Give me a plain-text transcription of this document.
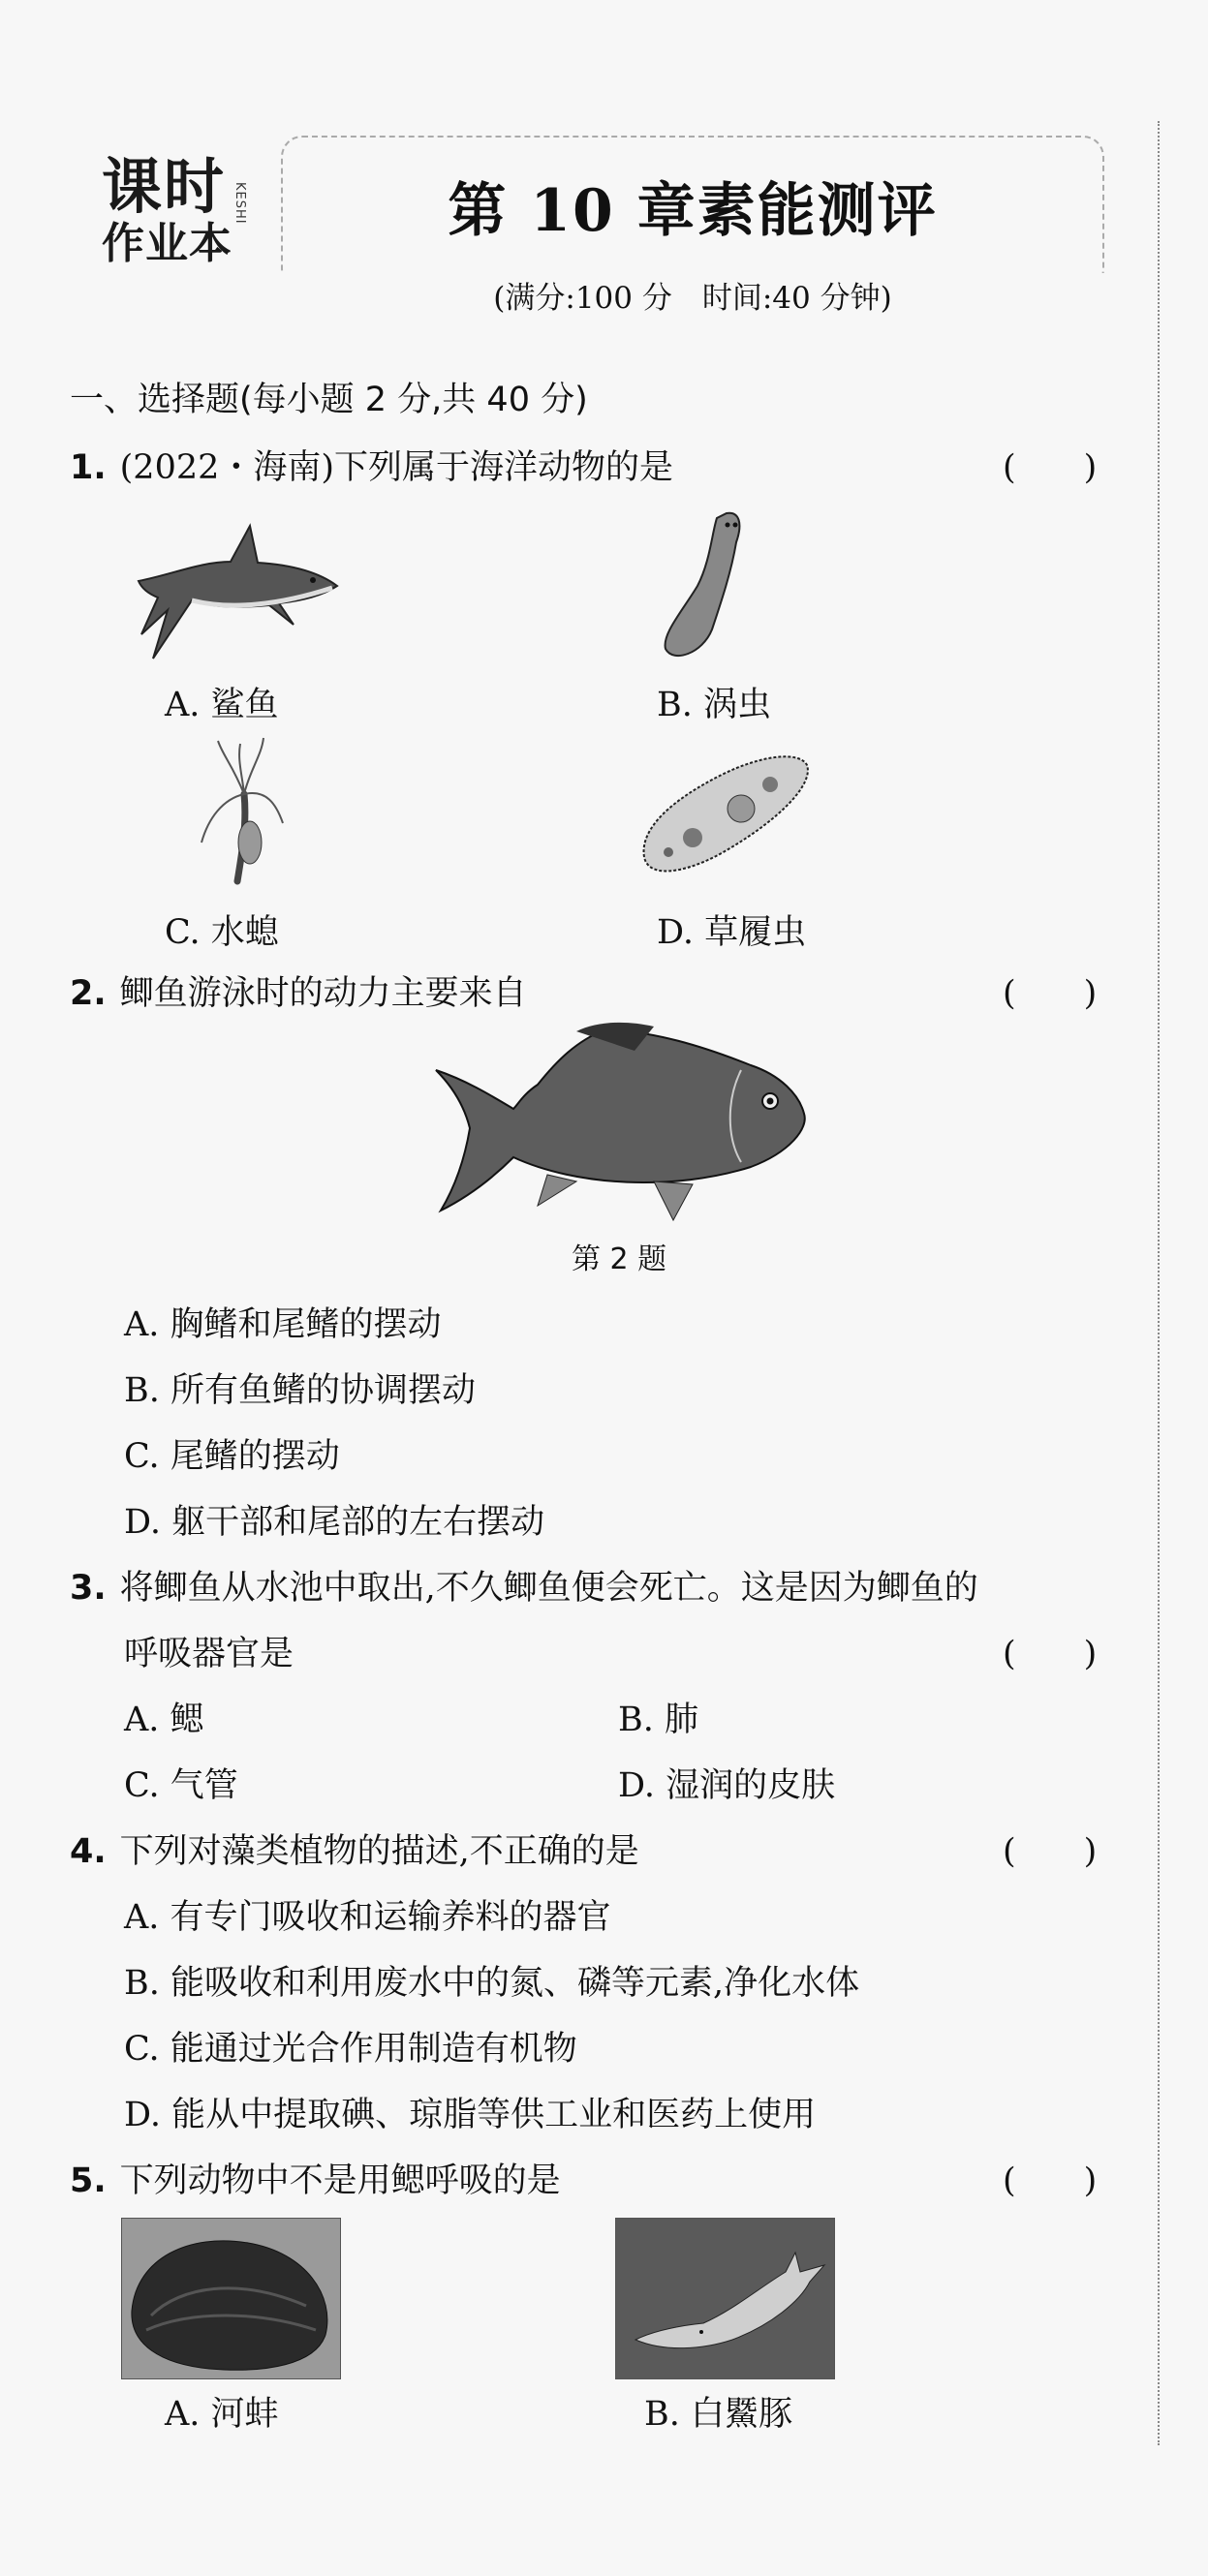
课时
作业本
KESHI	第 10 章素能测评
(满分:100 分　时间:40 分钟)
一、选择题(每小题 2 分,共 40 分)
1. (2022・海南)下列属于海洋动物的是	(　　)
A. 鲨鱼	B. 涡虫
C. 水螅	D. 草履虫
2. 鲫鱼游泳时的动力主要来自	(　　)
第 2 题
A. 胸鳍和尾鳍的摆动
B. 所有鱼鳍的协调摆动
C. 尾鳍的摆动
D. 躯干部和尾部的左右摆动
3. 将鲫鱼从水池中取出,不久鲫鱼便会死亡。这是因为鲫鱼的
呼吸器官是	(　　)
A. 鳃	B. 肺
C. 气管	D. 湿润的皮肤
4. 下列对藻类植物的描述,不正确的是	(　　)
A. 有专门吸收和运输养料的器官
B. 能吸收和利用废水中的氮、磷等元素,净化水体
C. 能通过光合作用制造有机物
D. 能从中提取碘、琼脂等供工业和医药上使用
5. 下列动物中不是用鳃呼吸的是	(　　)
A. 河蚌	B. 白鱀豚
